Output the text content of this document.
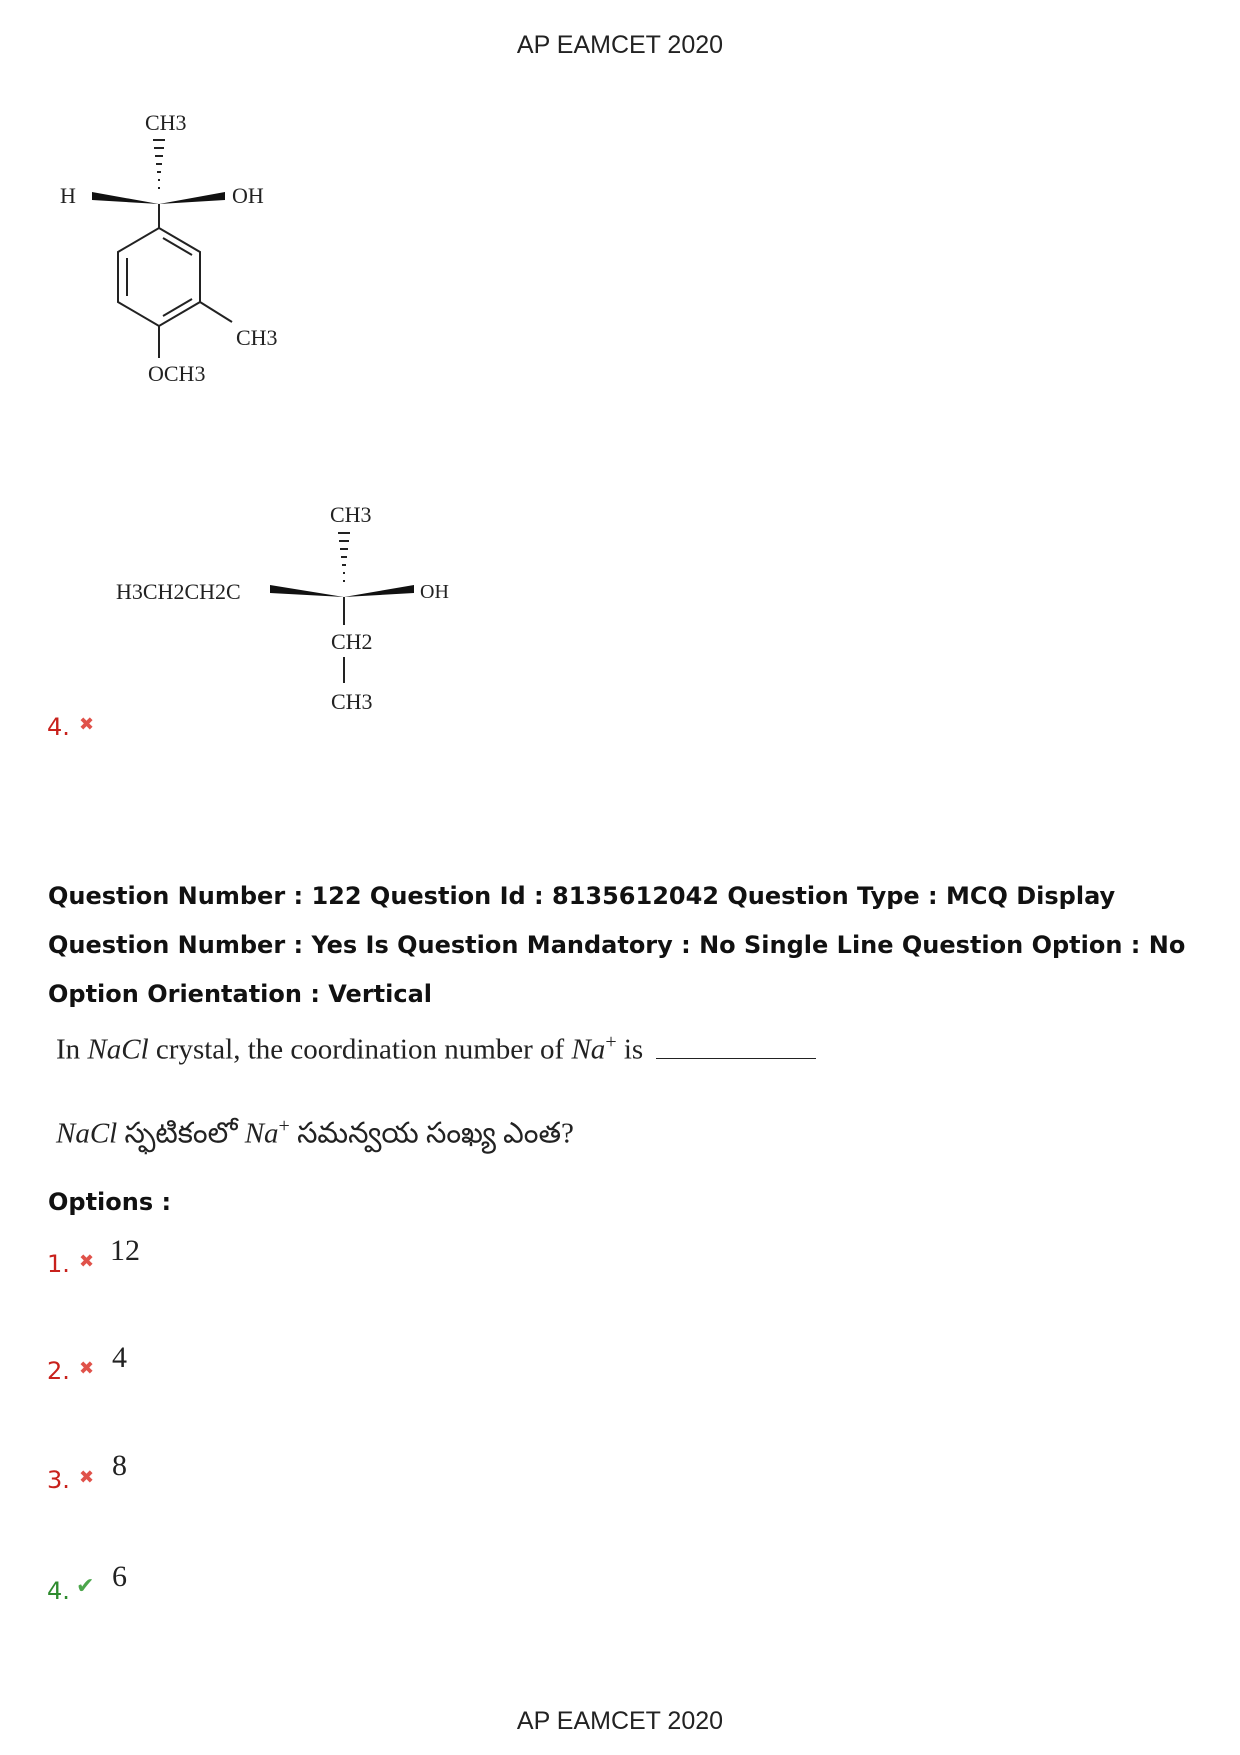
AP EAMCET 2020
CH3
H	OH
CH3
OCH3
CH3
H3CH2CH2C	OH
CH2
CH3
4. ✖
Question Number : 122 Question Id : 8135612042 Question Type : MCQ Display Question Number : Yes Is Question Mandatory : No Single Line Question Option : No Option Orientation : Vertical
In NaCl crystal, the coordination number of Na+ is
NaCl స్ఫటికంలో Na+ సమన్వయ సంఖ్య ఎంత?
Options :
1. ✖ 12
2. ✖ 4
3. ✖ 8
4. ✔ 6
AP EAMCET 2020
